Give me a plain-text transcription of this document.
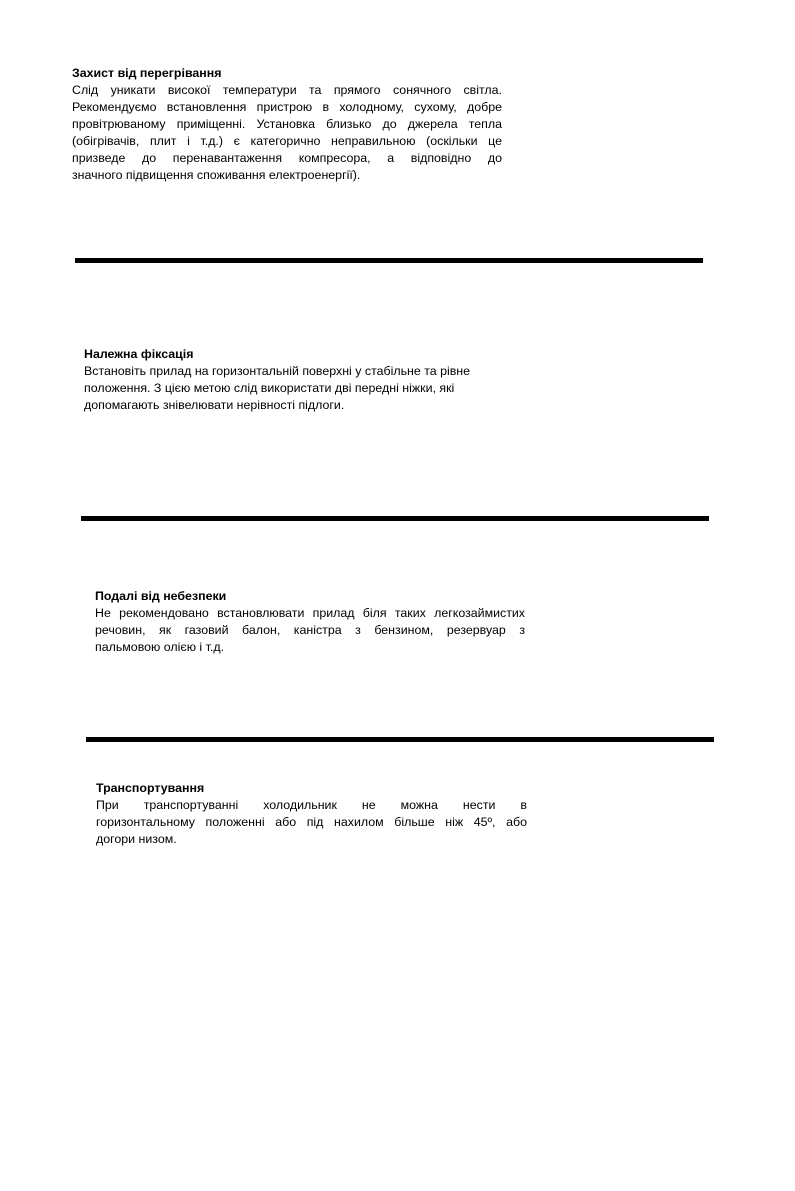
Захист від перегрівання
Слід уникати високої температури та прямого сонячного світла.
Рекомендуємо встановлення пристрою в холодному, сухому, добре
провітрюваному приміщенні. Установка близько до джерела тепла
(обігрівачів, плит і т.д.) є категорично неправильною (оскільки це
призведе до перенавантаження компресора, а відповідно до
значного підвищення споживання електроенергії).
Належна фіксація
Встановіть прилад на горизонтальній поверхні у стабільне та рівне
положення. З цією метою слід використати дві передні ніжки, які
допомагають знівелювати нерівності підлоги.
Подалі від небезпеки
Не рекомендовано встановлювати прилад біля таких легкозаймистих
речовин, як газовий балон, каністра з бензином, резервуар з
пальмовою олією і т.д.
Транспортування
При транспортуванні холодильник не можна нести в
горизонтальному положенні або під нахилом більше ніж 45º, або
догори низом.
